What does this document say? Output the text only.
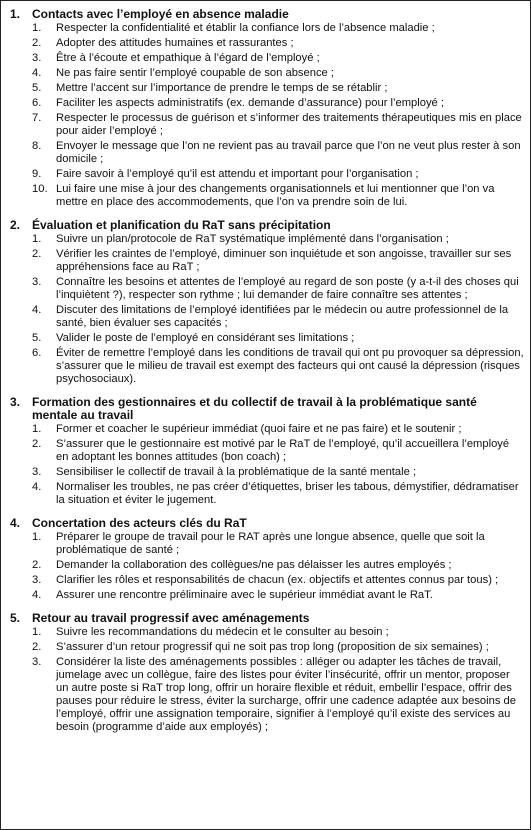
1. Contacts avec l’employé en absence maladie
1.	Respecter la confidentialité et établir la confiance lors de l’absence maladie ;
2.	Adopter des attitudes humaines et rassurantes ;
3.	Être à l’écoute et empathique à l’égard de l’employé ;
4.	Ne pas faire sentir l’employé coupable de son absence ;
5.	Mettre l’accent sur l’importance de prendre le temps de se rétablir ;
6.	Faciliter les aspects administratifs (ex. demande d’assurance) pour l’employé ;
7.	Respecter le processus de guérison et s’informer des traitements thérapeutiques mis en place pour aider l’employé ;
8.	Envoyer le message que l’on ne revient pas au travail parce que l’on ne veut plus rester à son domicile ;
9.	Faire savoir à l’employé qu’il est attendu et important pour l’organisation ;
10. Lui faire une mise à jour des changements organisationnels et lui mentionner que l’on va mettre en place des accommodements, que l’on va prendre soin de lui.
2. Évaluation et planification du RaT sans précipitation
1.	Suivre un plan/protocole de RaT systématique implémenté dans l’organisation ;
2.	Vérifier les craintes de l’employé, diminuer son inquiétude et son angoisse, travailler sur ses appréhensions face au RaT ;
3.	Connaître les besoins et attentes de l’employé au regard de son poste (y a-t-il des choses qui l’inquiètent ?), respecter son rythme ; lui demander de faire connaître ses attentes ;
4.	Discuter des limitations de l’employé identifiées par le médecin ou autre professionnel de la santé, bien évaluer ses capacités ;
5.	Valider le poste de l’employé en considérant ses limitations ;
6.	Éviter de remettre l’employé dans les conditions de travail qui ont pu provoquer sa dépression, s’assurer que le milieu de travail est exempt des facteurs qui ont causé la dépression (risques psychosociaux).
3. Formation des gestionnaires et du collectif de travail à la problématique santé mentale au travail
1.	Former et coacher le supérieur immédiat (quoi faire et ne pas faire) et le soutenir ;
2.	S’assurer que le gestionnaire est motivé par le RaT de l’employé, qu’il accueillera l’employé en adoptant les bonnes attitudes (bon coach) ;
3.	Sensibiliser le collectif de travail à la problématique de la santé mentale ;
4.	Normaliser les troubles, ne pas créer d’étiquettes, briser les tabous, démystifier, dédramatiser la situation et éviter le jugement.
4. Concertation des acteurs clés du RaT
1.	Préparer le groupe de travail pour le RAT après une longue absence, quelle que soit la problématique de santé ;
2.	Demander la collaboration des collègues/ne pas délaisser les autres employés ;
3.	Clarifier les rôles et responsabilités de chacun (ex. objectifs et attentes connus par tous) ;
4.	Assurer une rencontre préliminaire avec le supérieur immédiat avant le RaT.
5. Retour au travail progressif avec aménagements
1.	Suivre les recommandations du médecin et le consulter au besoin ;
2.	S’assurer d’un retour progressif qui ne soit pas trop long (proposition de six semaines) ;
3.	Considérer la liste des aménagements possibles : alléger ou adapter les tâches de travail, jumelage avec un collègue, faire des listes pour éviter l’insécurité, offrir un mentor, proposer un autre poste si RaT trop long, offrir un horaire flexible et réduit, embellir l’espace, offrir des pauses pour réduire le stress, éviter la surcharge, offrir une cadence adaptée aux besoins de l’employé, offrir une assignation temporaire, signifier à l’employé qu’il existe des services au besoin (programme d’aide aux employés) ;
